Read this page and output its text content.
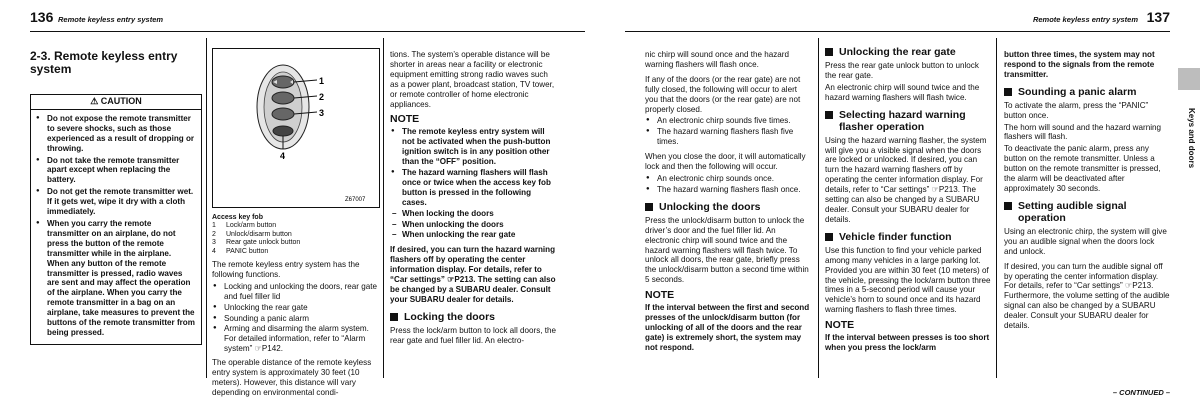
136 Remote keyless entry system	Remote keyless entry system 137
2-3. Remote keyless entry system
⚠ CAUTION
● Do not expose the remote transmitter to severe shocks, such as those experienced as a result of dropping or throwing.
● Do not take the remote transmitter apart except when replacing the battery.
● Do not get the remote transmitter wet. If it gets wet, wipe it dry with a cloth immediately.
● When you carry the remote transmitter on an airplane, do not press the button of the remote transmitter while in the airplane. When any button of the remote transmitter is pressed, radio waves are sent and may affect the operation of the airplane. When you carry the remote transmitter in a bag on an airplane, take measures to prevent the buttons of the remote transmitter from being pressed.
1
2
3
4
Z67007
Access key fob
1 Lock/arm button
2 Unlock/disarm button
3 Rear gate unlock button
4 PANIC button

The remote keyless entry system has the following functions.

● Locking and unlocking the doors, rear gate and fuel filler lid
● Unlocking the rear gate
● Sounding a panic alarm
● Arming and disarming the alarm system. For detailed information, refer to “Alarm system” ☞P142.

The operable distance of the remote keyless entry system is approximately 30 feet (10 meters). However, this distance will vary depending on environmental condi-

tions. The system’s operable distance will be shorter in areas near a facility or electronic equipment emitting strong radio waves such as a power plant, broadcast station, TV tower, or remote controller of home electronic appliances.

NOTE
● The remote keyless entry system will not be activated when the push-button ignition switch is in any position other than the “OFF” position.
● The hazard warning flashers will flash once or twice when the access key fob button is pressed in the following cases.
– When locking the doors
– When unlocking the doors
– When unlocking the rear gate

If desired, you can turn the hazard warning flashers off by operating the center information display. For details, refer to “Car settings” ☞P213. The setting can also be changed by a SUBARU dealer. Consult your SUBARU dealer for details.

Locking the doors

Press the lock/arm button to lock all doors, the rear gate and fuel filler lid. An electro-

nic chirp will sound once and the hazard warning flashers will flash once.

If any of the doors (or the rear gate) are not fully closed, the following will occur to alert you that the doors (or the rear gate) are not properly closed.

● An electronic chirp sounds five times.
● The hazard warning flashers flash five times.

When you close the door, it will automatically lock and then the following will occur.

● An electronic chirp sounds once.
● The hazard warning flashers flash once.
Unlocking the doors

Press the unlock/disarm button to unlock the driver’s door and the fuel filler lid. An electronic chirp will sound twice and the hazard warning flashers will flash twice. To unlock all doors, the rear gate, briefly press the unlock/disarm button a second time within 5 seconds.

NOTE

If the interval between the first and second presses of the unlock/disarm button (for unlocking of all of the doors and the rear gate) is extremely short, the system may not respond.

Unlocking the rear gate

Press the rear gate unlock button to unlock the rear gate.

An electronic chirp will sound twice and the hazard warning flashers will flash twice.

Selecting hazard warning flasher operation

Using the hazard warning flasher, the system will give you a visible signal when the doors are locked or unlocked. If desired, you can turn the hazard warning flashers off by operating the center information display. For details, refer to “Car settings” ☞P213. The setting can also be changed by a SUBARU dealer. Consult your SUBARU dealer for details.

Vehicle finder function

Use this function to find your vehicle parked among many vehicles in a large parking lot. Provided you are within 30 feet (10 meters) of the vehicle, pressing the lock/arm button three times in a 5-second period will cause your vehicle’s horn to sound once and its hazard warning flashers to flash three times.

NOTE

If the interval between presses is too short when you press the lock/arm

button three times, the system may not respond to the signals from the remote transmitter.

Sounding a panic alarm

To activate the alarm, press the “PANIC” button once.

The horn will sound and the hazard warning flashers will flash.

To deactivate the panic alarm, press any button on the remote transmitter. Unless a button on the remote transmitter is pressed, the alarm will be deactivated after approximately 30 seconds.

Setting audible signal operation

Using an electronic chirp, the system will give you an audible signal when the doors lock and unlock.

If desired, you can turn the audible signal off by operating the center information display. For details, refer to “Car settings” ☞P213. Furthermore, the volume setting of the audible signal can also be changed by a SUBARU dealer. Consult your SUBARU dealer for details.

Keys and doors
– CONTINUED –
